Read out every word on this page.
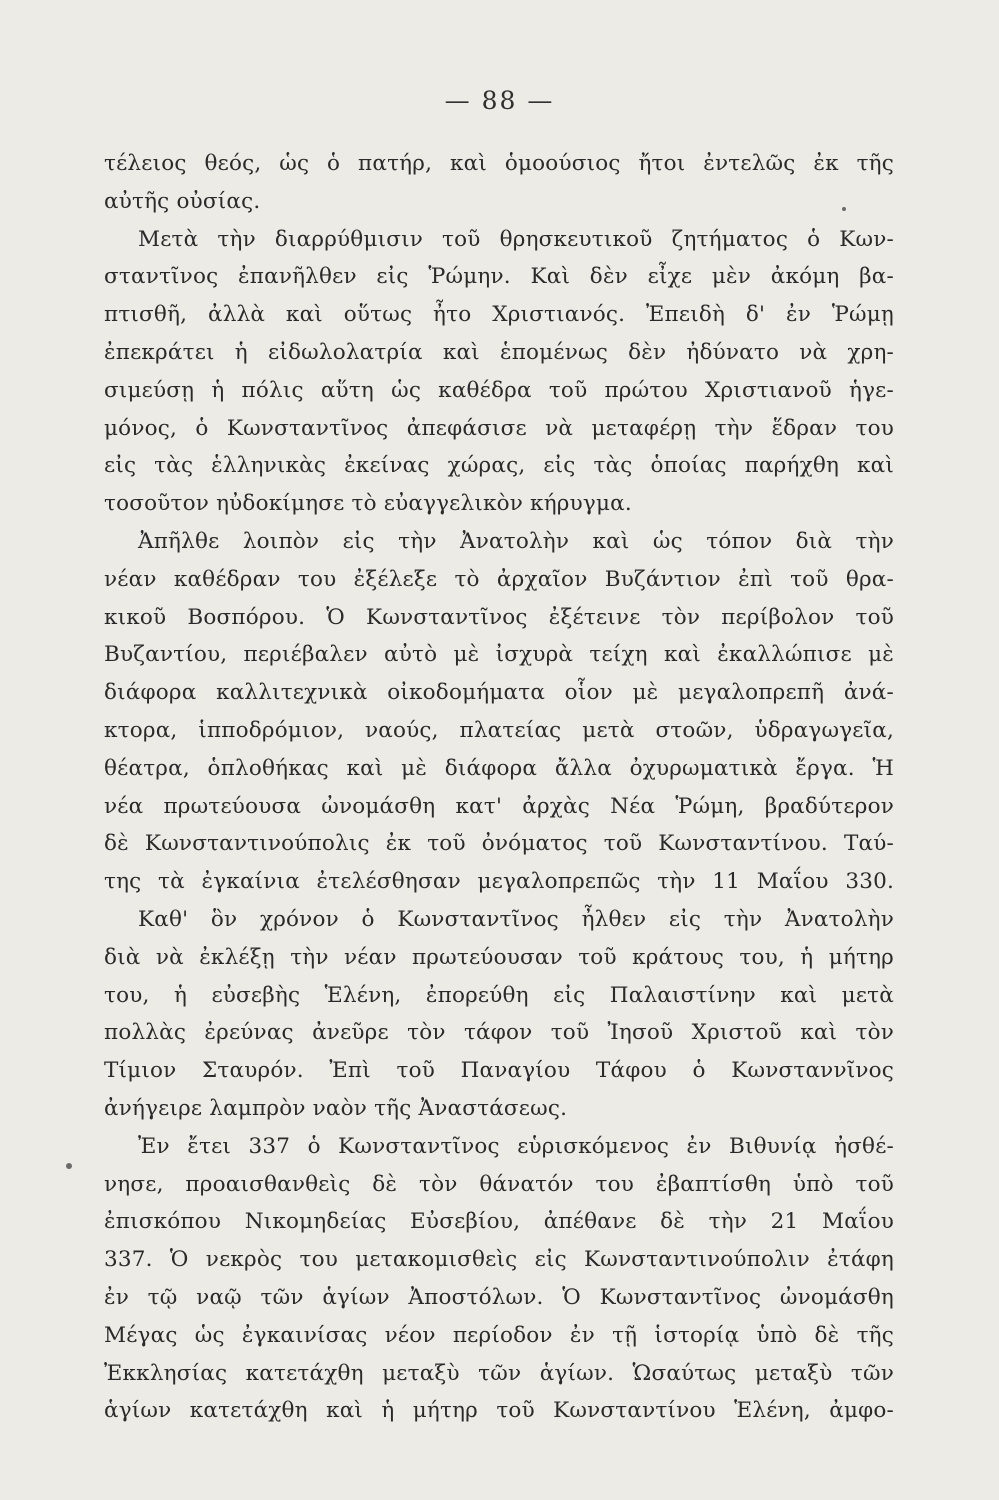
— 88 —
τέλειος θεός, ὡς ὁ πατήρ, καὶ ὁμοούσιος ἤτοι ἐντελῶς ἐκ τῆς
αὐτῆς οὐσίας.
Μετὰ τὴν διαρρύθμισιν τοῦ θρησκευτικοῦ ζητήματος ὁ Κων-
σταντῖνος ἐπανῆλθεν εἰς Ῥώμην. Καὶ δὲν εἶχε μὲν ἀκόμη βα-
πτισθῆ, ἀλλὰ καὶ οὕτως ἦτο Χριστιανός. Ἐπειδὴ δ' ἐν Ῥώμῃ
ἐπεκράτει ἡ εἰδωλολατρία καὶ ἑπομένως δὲν ἠδύνατο νὰ χρη-
σιμεύσῃ ἡ πόλις αὕτη ὡς καθέδρα τοῦ πρώτου Χριστιανοῦ ἡγε-
μόνος, ὁ Κωνσταντῖνος ἀπεφάσισε νὰ μεταφέρῃ τὴν ἕδραν του
εἰς τὰς ἑλληνικὰς ἐκείνας χώρας, εἰς τὰς ὁποίας παρήχθη καὶ
τοσοῦτον ηὐδοκίμησε τὸ εὐαγγελικὸν κήρυγμα.
Ἀπῆλθε λοιπὸν εἰς τὴν Ἀνατολὴν καὶ ὡς τόπον διὰ τὴν
νέαν καθέδραν του ἐξέλεξε τὸ ἀρχαῖον Βυζάντιον ἐπὶ τοῦ θρα-
κικοῦ Βοσπόρου. Ὁ Κωνσταντῖνος ἐξέτεινε τὸν περίβολον τοῦ
Βυζαντίου, περιέβαλεν αὐτὸ μὲ ἰσχυρὰ τείχη καὶ ἐκαλλώπισε μὲ
διάφορα καλλιτεχνικὰ οἰκοδομήματα οἷον μὲ μεγαλοπρεπῆ ἀνά-
κτορα, ἱπποδρόμιον, ναούς, πλατείας μετὰ στοῶν, ὑδραγωγεῖα,
θέατρα, ὁπλοθήκας καὶ μὲ διάφορα ἄλλα ὀχυρωματικὰ ἔργα. Ἡ
νέα πρωτεύουσα ὠνομάσθη κατ' ἀρχὰς Νέα Ῥώμη, βραδύτερον
δὲ Κωνσταντινούπολις ἐκ τοῦ ὀνόματος τοῦ Κωνσταντίνου. Ταύ-
της τὰ ἐγκαίνια ἐτελέσθησαν μεγαλοπρεπῶς τὴν 11 Μαΐου 330.
Καθ' ὃν χρόνον ὁ Κωνσταντῖνος ἦλθεν εἰς τὴν Ἀνατολὴν
διὰ νὰ ἐκλέξῃ τὴν νέαν πρωτεύουσαν τοῦ κράτους του, ἡ μήτηρ
του, ἡ εὐσεβὴς Ἑλένη, ἐπορεύθη εἰς Παλαιστίνην καὶ μετὰ
πολλὰς ἐρεύνας ἀνεῦρε τὸν τάφον τοῦ Ἰησοῦ Χριστοῦ καὶ τὸν
Τίμιον Σταυρόν. Ἐπὶ τοῦ Παναγίου Τάφου ὁ Κωνσταννῖνος
ἀνήγειρε λαμπρὸν ναὸν τῆς Ἀναστάσεως.
Ἐν ἔτει 337 ὁ Κωνσταντῖνος εὑρισκόμενος ἐν Βιθυνίᾳ ἠσθέ-
νησε, προαισθανθεὶς δὲ τὸν θάνατόν του ἐβαπτίσθη ὑπὸ τοῦ
ἐπισκόπου Νικομηδείας Εὐσεβίου, ἀπέθανε δὲ τὴν 21 Μαΐου
337. Ὁ νεκρὸς του μετακομισθεὶς εἰς Κωνσταντινούπολιν ἐτάφη
ἐν τῷ ναῷ τῶν ἁγίων Ἀποστόλων. Ὁ Κωνσταντῖνος ὠνομάσθη
Μέγας ὡς ἐγκαινίσας νέον περίοδον ἐν τῇ ἱστορίᾳ ὑπὸ δὲ τῆς
Ἐκκλησίας κατετάχθη μεταξὺ τῶν ἁγίων. Ὡσαύτως μεταξὺ τῶν
ἁγίων κατετάχθη καὶ ἡ μήτηρ τοῦ Κωνσταντίνου Ἑλένη, ἀμφο-
